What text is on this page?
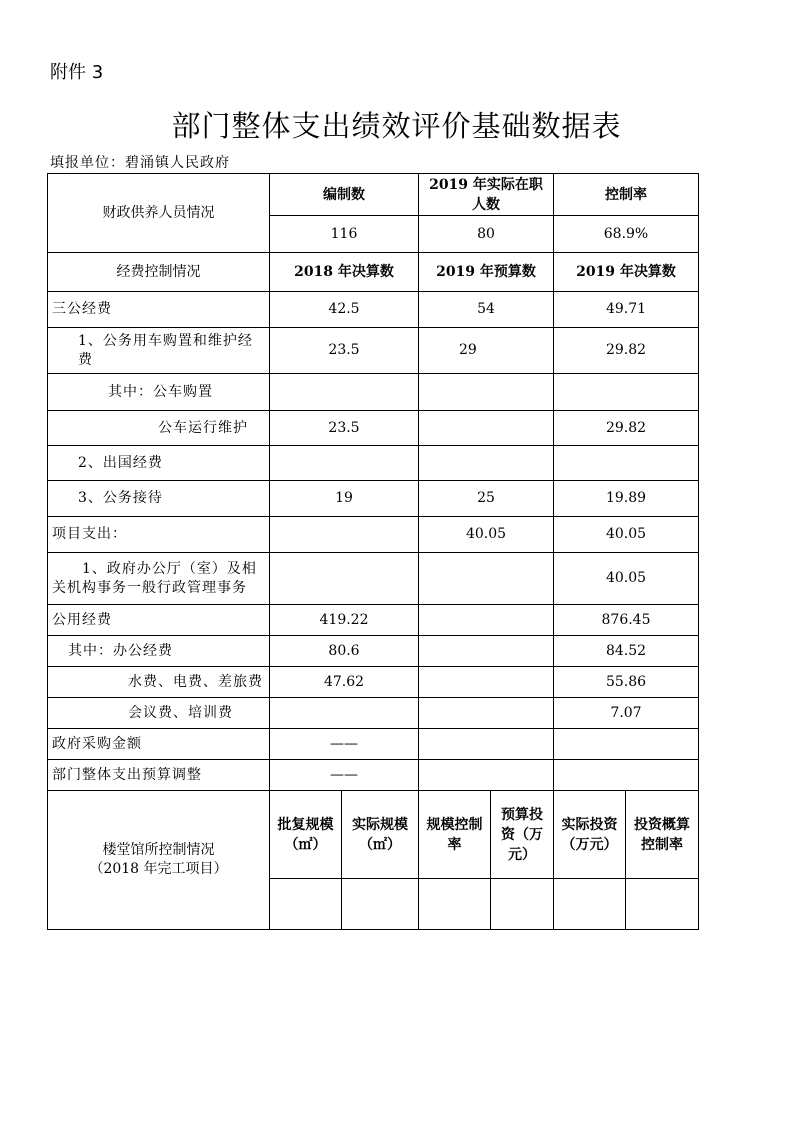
附件 3
部门整体支出绩效评价基础数据表
填报单位：碧涌镇人民政府
财政供养人员情况	编制数		2019 年实际在职人数		控制率	
	116		80		68.9%	
经费控制情况	2018 年决算数		2019 年预算数		2019 年决算数	
三公经费	42.5		54		49.71	
1、公务用车购置和维护经费	23.5		29		29.82	
其中：公车购置						
公车运行维护	23.5				29.82	
2、出国经费						
3、公务接待	19		25		19.89	
项目支出：			40.05		40.05	
1、政府办公厅（室）及相关机构事务一般行政管理事务					40.05	
公用经费	419.22				876.45	
其中：办公经费	80.6				84.52	
水费、电费、差旅费	47.62				55.86	
会议费、培训费					7.07	
政府采购金额	——					
部门整体支出预算调整	——					

楼堂馆所控制情况
（2018 年完工项目）	批复规模（㎡）	实际规模（㎡）	规模控制率	预算投资（万元）	实际投资（万元）	投资概算控制率
